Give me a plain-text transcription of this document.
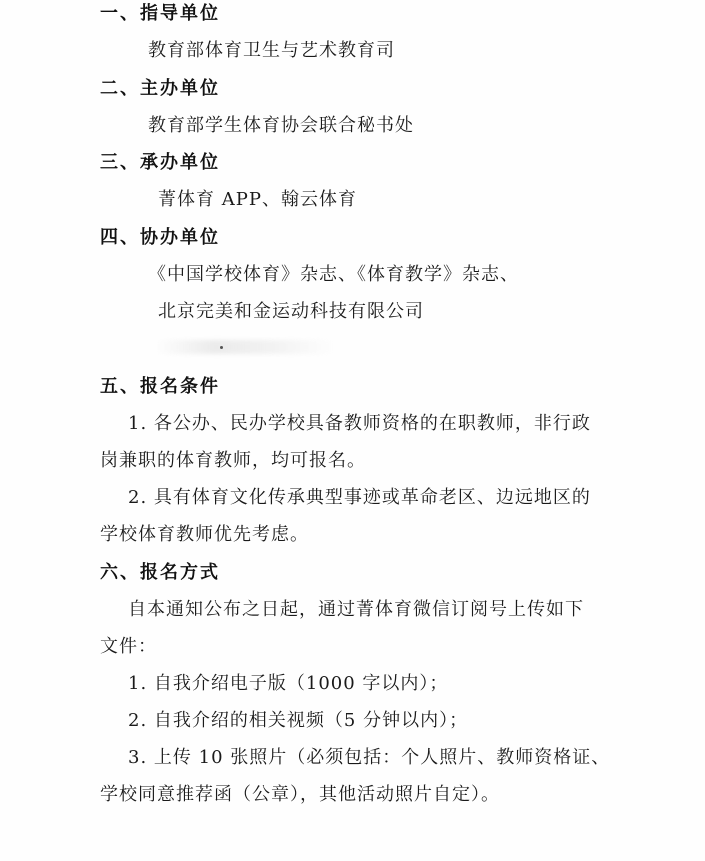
一、指导单位
教育部体育卫生与艺术教育司
二、主办单位
教育部学生体育协会联合秘书处
三、承办单位
菁体育 APP、翰云体育
四、协办单位
《中国学校体育》杂志、《体育教学》杂志、
北京完美和金运动科技有限公司
五、报名条件
1. 各公办、民办学校具备教师资格的在职教师，非行政
岗兼职的体育教师，均可报名。
2. 具有体育文化传承典型事迹或革命老区、边远地区的
学校体育教师优先考虑。
六、报名方式
自本通知公布之日起，通过菁体育微信订阅号上传如下
文件：
1. 自我介绍电子版（1000 字以内）；
2. 自我介绍的相关视频（5 分钟以内）；
3. 上传 10 张照片（必须包括：个人照片、教师资格证、
学校同意推荐函（公章），其他活动照片自定）。
